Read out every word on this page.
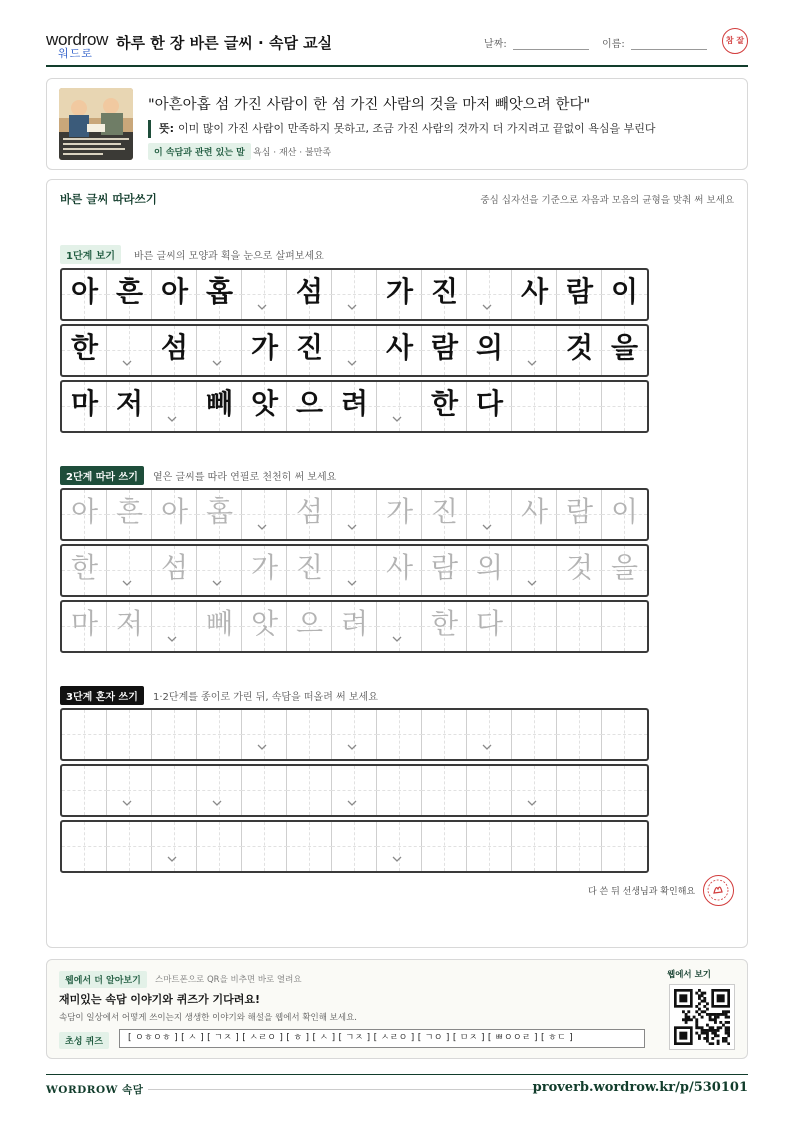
wordrow
워드로
하루 한 장 바른 글씨 · 속담 교실	날짜:	이름:	참 잘
"아흔아홉 섬 가진 사람이 한 섬 가진 사람의 것을 마저 빼앗으려 한다"
뜻: 이미 많이 가진 사람이 만족하지 못하고, 조금 가진 사람의 것까지 더 가지려고 끝없이 욕심을 부린다
이 속담과 관련 있는 말 욕심 · 재산 · 불만족
바른 글씨 따라쓰기	중심 십자선을 기준으로 자음과 모음의 균형을 맞춰 써 보세요
1단계 보기	바른 글씨의 모양과 획을 눈으로 살펴보세요
2단계 따라 쓰기	옅은 글씨를 따라 연필로 천천히 써 보세요
3단계 혼자 쓰기	1·2단계를 종이로 가린 뒤, 속담을 떠올려 써 보세요
아 흔 아 홉	섬	가 진	사 람 이
한	섬	가 진	사 람 의	것 을
마 저	빼 앗 으 려	한 다
아 흔 아 홉	섬	가 진	사 람 이
한	섬	가 진	사 람 의	것 을
마 저	빼 앗 으 려	한 다
다 쓴 뒤 선생님과 확인해요
웹에서 더 알아보기	스마트폰으로 QR을 비추면 바로 열려요
재미있는 속담 이야기와 퀴즈가 기다려요!
속담이 일상에서 어떻게 쓰이는지 생생한 이야기와 해설을 웹에서 확인해 보세요.
초성 퀴즈	[ ㅇㅎㅇㅎ ] [ ㅅ ] [ ㄱㅈ ] [ ㅅㄹㅇ ] [ ㅎ ] [ ㅅ ] [ ㄱㅈ ] [ ㅅㄹㅇ ] [ ㄱㅇ ] [ ㅁㅈ ] [ ㅃㅇㅇㄹ ] [ ㅎㄷ ]
웹에서 보기
WORDROW 속담	proverb.wordrow.kr/p/530101
